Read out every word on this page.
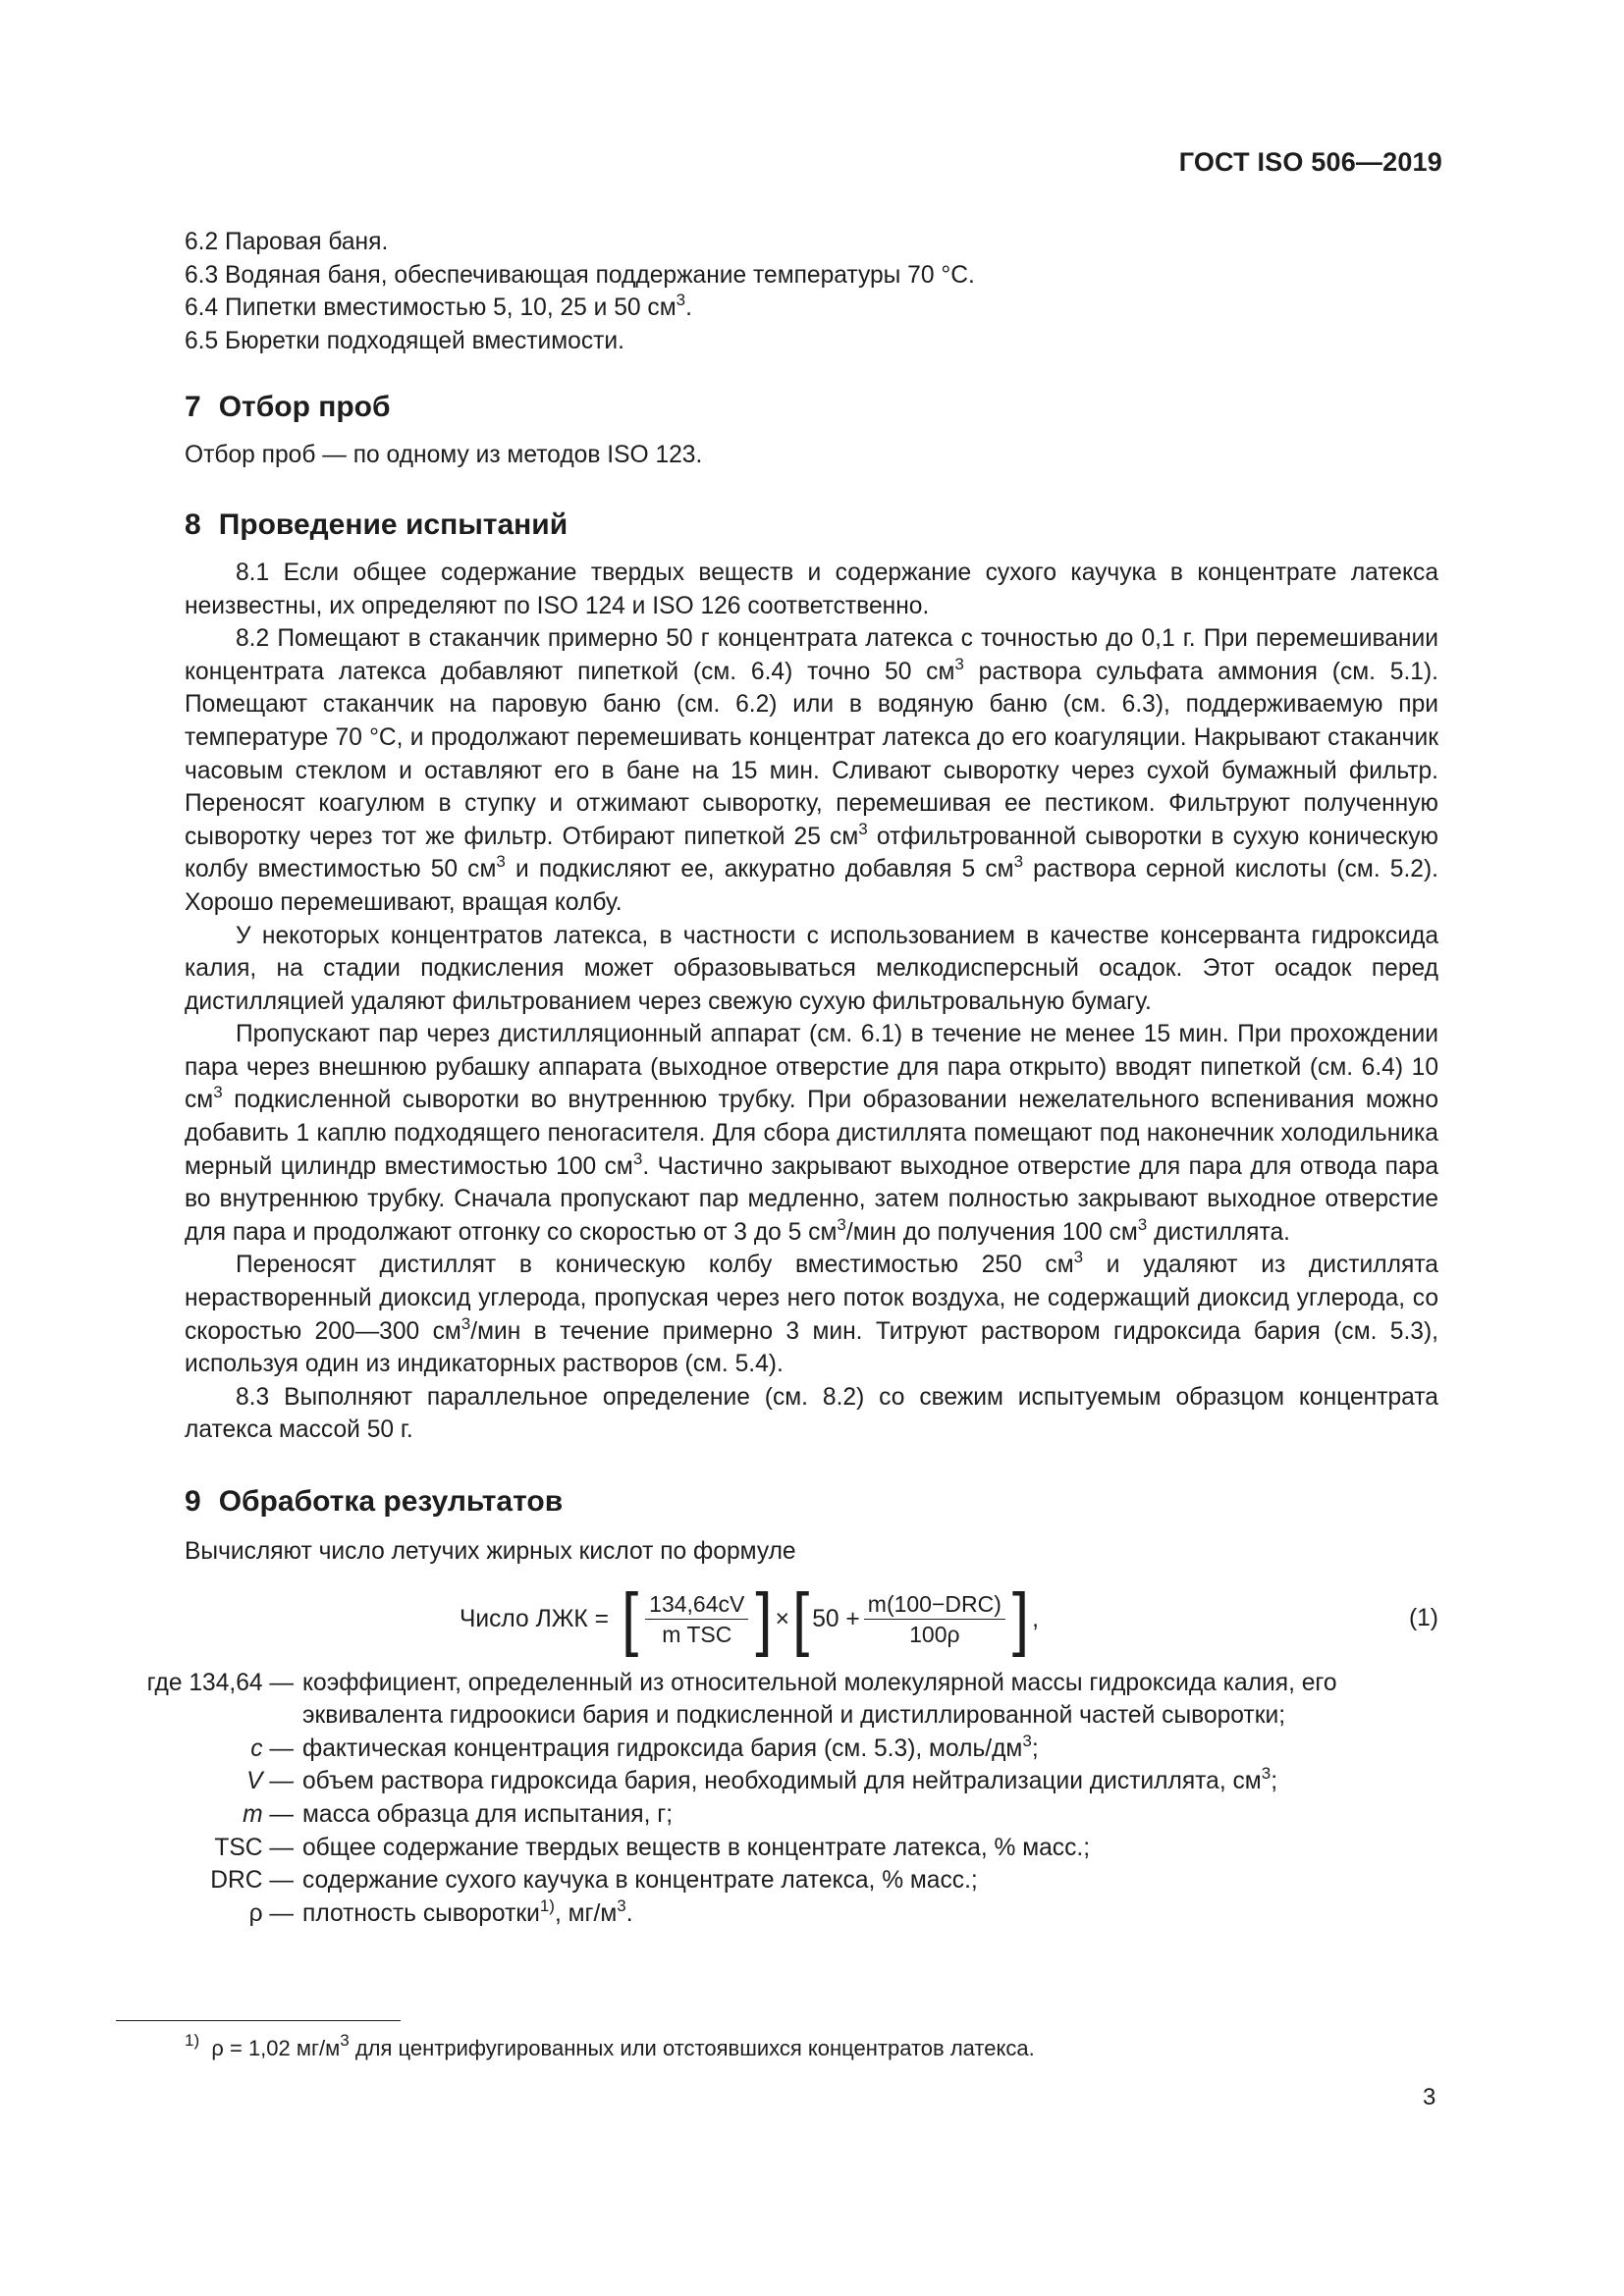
ГОСТ ISO 506—2019

6.2 Паровая баня.

6.3 Водяная баня, обеспечивающая поддержание температуры 70 °С.

6.4 Пипетки вместимостью 5, 10, 25 и 50 $см^3$.

6.5 Бюретки подходящей вместимости.

7 Отбор проб

Отбор проб — по одному из методов ISO 123.

8 Проведение испытаний

8.1 Если общее содержание твердых веществ и содержание сухого каучука в концентрате латекса неизвестны, их определяют по ISO 124 и ISO 126 соответственно.

8.2 Помещают в стаканчик примерно 50 г концентрата латекса с точностью до 0,1 г. При перемешивании концентрата латекса добавляют пипеткой (см. 6.4) точно 50 $см^3$ раствора сульфата аммония (см. 5.1). Помещают стаканчик на паровую баню (см. 6.2) или в водяную баню (см. 6.3), поддерживаемую при температуре 70 °С, и продолжают перемешивать концентрат латекса до его коагуляции. Накрывают стаканчик часовым стеклом и оставляют его в бане на 15 мин. Сливают сыворотку через сухой бумажный фильтр. Переносят коагулюм в ступку и отжимают сыворотку, перемешивая ее пестиком. Фильтруют полученную сыворотку через тот же фильтр. Отбирают пипеткой 25 $см^3$ отфильтрованной сыворотки в сухую коническую колбу вместимостью 50 $см^3$ и подкисляют ее, аккуратно добавляя 5 $см^3$ раствора серной кислоты (см. 5.2). Хорошо перемешивают, вращая колбу.

У некоторых концентратов латекса, в частности с использованием в качестве консерванта гидроксида калия, на стадии подкисления может образовываться мелкодисперсный осадок. Этот осадок перед дистилляцией удаляют фильтрованием через свежую сухую фильтровальную бумагу.

Пропускают пар через дистилляционный аппарат (см. 6.1) в течение не менее 15 мин. При прохождении пара через внешнюю рубашку аппарата (выходное отверстие для пара открыто) вводят пипеткой (см. 6.4) 10 $см^3$ подкисленной сыворотки во внутреннюю трубку. При образовании нежелательного вспенивания можно добавить 1 каплю подходящего пеногасителя. Для сбора дистиллята помещают под наконечник холодильника мерный цилиндр вместимостью 100 $см^3$. Частично закрывают выходное отверстие для пара для отвода пара во внутреннюю трубку. Сначала пропускают пар медленно, затем полностью закрывают выходное отверстие для пара и продолжают отгонку со скоростью от 3 до 5 $см^3$/мин до получения 100 $см^3$ дистиллята.

Переносят дистиллят в коническую колбу вместимостью 250 $см^3$ и удаляют из дистиллята нерастворенный диоксид углерода, пропуская через него поток воздуха, не содержащий диоксид углерода, со скоростью 200—300 $см^3$/мин в течение примерно 3 мин. Титруют раствором гидроксида бария (см. 5.3), используя один из индикаторных растворов (см. 5.4).

8.3 Выполняют параллельное определение (см. 8.2) со свежим испытуемым образцом концентрата латекса массой 50 г.

9 Обработка результатов

Вычисляют число летучих жирных кислот по формуле

Число ЛЖК = [ $\frac{134,64cV}{\text{m TSC}}$ ] × [ $50 + \frac{\text{m(100−DRC)}}{100\rho}$ ] ,	(1)
где 134,64 — коэффициент, определенный из относительной молекулярной массы гидроксида калия, его эквивалента гидроокиси бария и подкисленной и дистиллированной частей сыворотки;
c — фактическая концентрация гидроксида бария (см. 5.3), моль/$дм^3$;
V — объем раствора гидроксида бария, необходимый для нейтрализации дистиллята, $см^3$;
m — масса образца для испытания, г;
TSC — общее содержание твердых веществ в концентрате латекса, % масс.;
DRC — содержание сухого каучука в концентрате латекса, % масс.;
ρ — плотность сыворотки$^{1)}$, $мг/м^3$.
$^{1)}$ ρ = 1,02 $мг/м^3$ для центрифугированных или отстоявшихся концентратов латекса.
3
